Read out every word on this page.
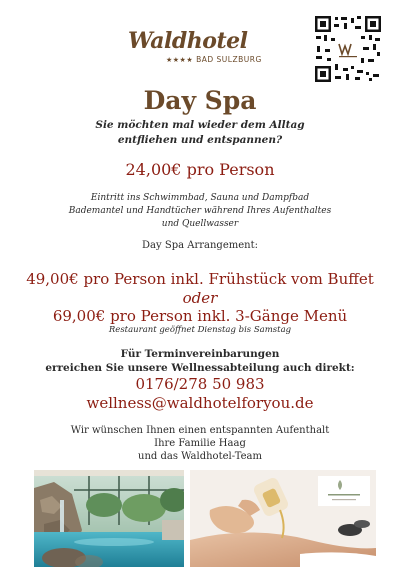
Waldhotel
★★★★ BAD SULZBURG
Day Spa
Sie möchten mal wieder dem Alltag
entfliehen und entspannen?
24,00€ pro Person
Eintritt ins Schwimmbad, Sauna und Dampfbad
Bademantel und Handtücher während Ihres Aufenthaltes
und Quellwasser
Day Spa Arrangement:
49,00€ pro Person inkl. Frühstück vom Buffet
oder
69,00€ pro Person inkl. 3-Gänge Menü
Restaurant geöffnet Dienstag bis Samstag
Für Terminvereinbarungen
erreichen Sie unsere Wellnessabteilung auch direkt:
0176/278 50 983
wellness@waldhotelforyou.de
Wir wünschen Ihnen einen entspannten Aufenthalt
Ihre Familie Haag
und das Waldhotel-Team
